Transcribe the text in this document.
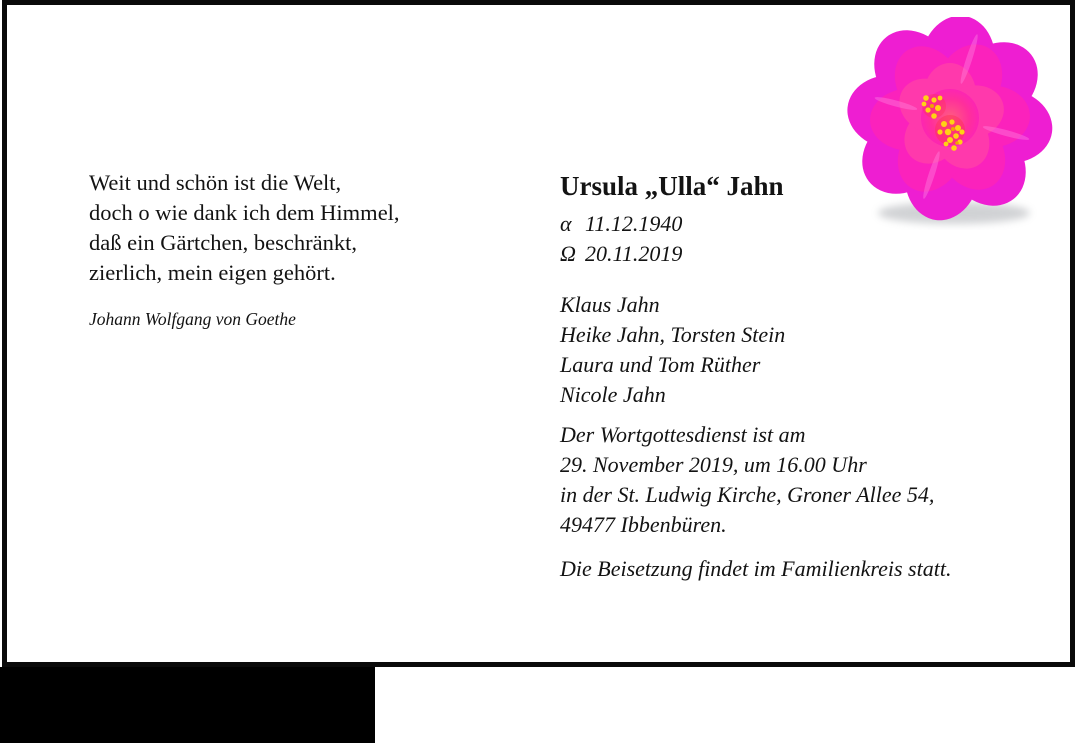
Weit und schön ist die Welt,
doch o wie dank ich dem Himmel,
daß ein Gärtchen, beschränkt,
zierlich, mein eigen gehört.
Johann Wolfgang von Goethe
Ursula „Ulla“ Jahn
α 11.12.1940
Ω 20.11.2019
Klaus Jahn
Heike Jahn, Torsten Stein
Laura und Tom Rüther
Nicole Jahn
Der Wortgottesdienst ist am
29. November 2019, um 16.00 Uhr
in der St. Ludwig Kirche, Groner Allee 54,
49477 Ibbenbüren.
Die Beisetzung findet im Familienkreis statt.
